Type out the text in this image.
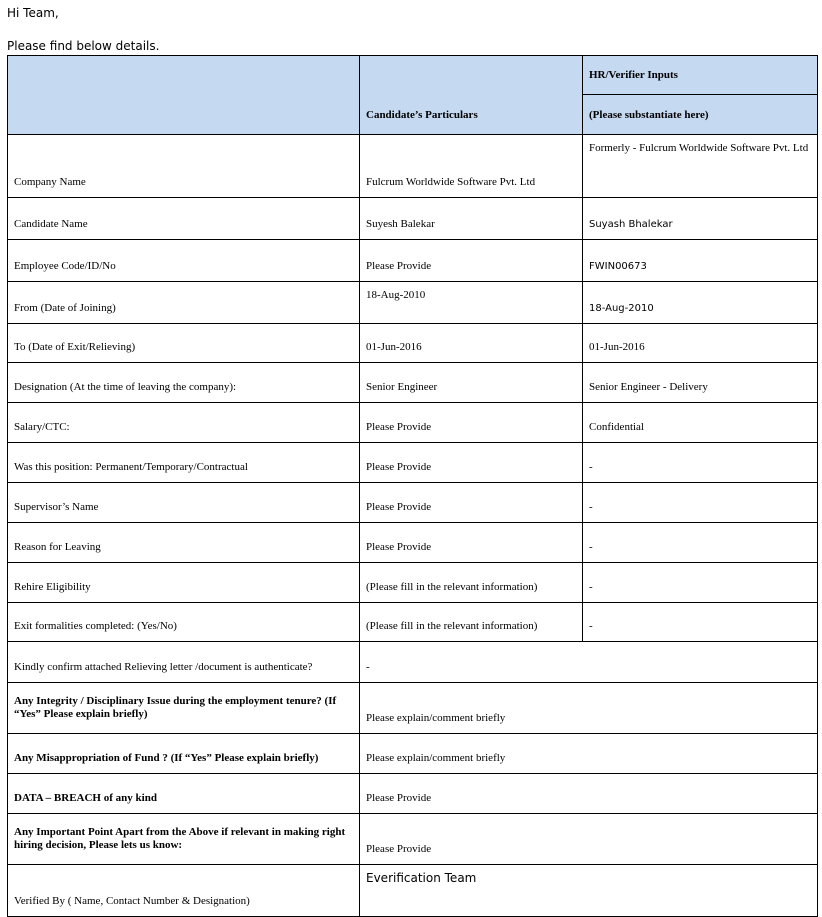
Hi Team,
Please find below details.
	Candidate’s Particulars	HR/Verifier Inputs
		(Please substantiate here)
Company Name	Fulcrum Worldwide Software Pvt. Ltd	Formerly - Fulcrum Worldwide Software Pvt. Ltd
Candidate Name	Suyesh Balekar	Suyash Bhalekar
Employee Code/ID/No	Please Provide	FWIN00673
From (Date of Joining)	18-Aug-2010	18-Aug-2010
To (Date of Exit/Relieving)	01-Jun-2016	01-Jun-2016
Designation (At the time of leaving the company):	Senior Engineer	Senior Engineer - Delivery
Salary/CTC:	Please Provide	Confidential
Was this position: Permanent/Temporary/Contractual	Please Provide	-
Supervisor’s Name	Please Provide	-
Reason for Leaving	Please Provide	-
Rehire Eligibility	(Please fill in the relevant information)	-
Exit formalities completed: (Yes/No)	(Please fill in the relevant information)	-
Kindly confirm attached Relieving letter /document is authenticate?	-	
Any Integrity / Disciplinary Issue during the employment tenure? (If “Yes” Please explain briefly)	Please explain/comment briefly	
Any Misappropriation of Fund ? (If “Yes” Please explain briefly)	Please explain/comment briefly	
DATA – BREACH of any kind	Please Provide	
Any Important Point Apart from the Above if relevant in making right hiring decision, Please lets us know:	Please Provide	
Verified By ( Name, Contact Number & Designation)	Everification Team	
